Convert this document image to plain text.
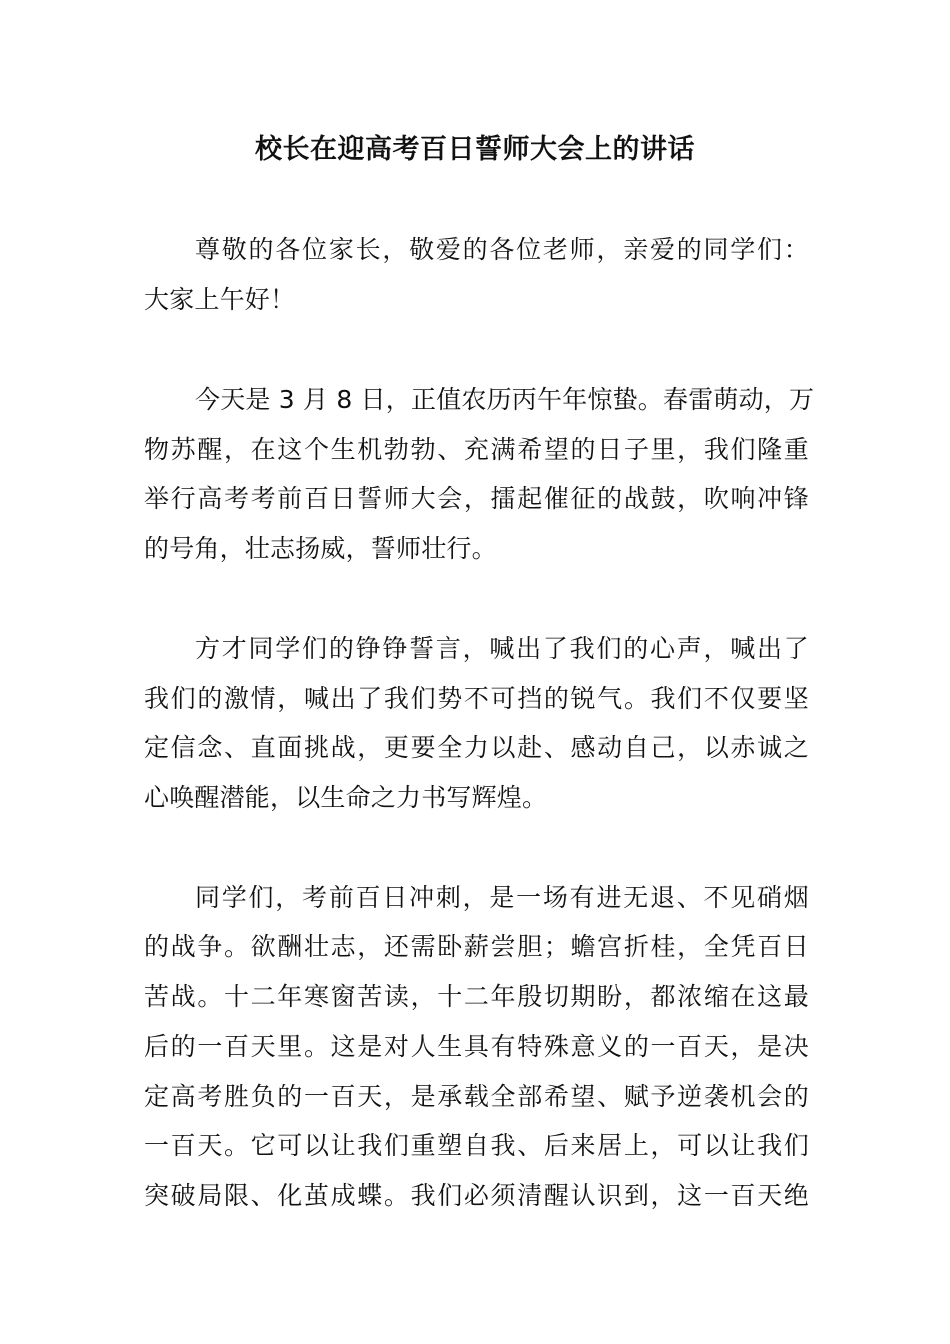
校长在迎高考百日誓师大会上的讲话
尊敬的各位家长，敬爱的各位老师，亲爱的同学们：
大家上午好！
今天是 3 月 8 日，正值农历丙午年惊蛰。春雷萌动，万
物苏醒，在这个生机勃勃、充满希望的日子里，我们隆重
举行高考考前百日誓师大会，擂起催征的战鼓，吹响冲锋
的号角，壮志扬威，誓师壮行。
方才同学们的铮铮誓言，喊出了我们的心声，喊出了
我们的激情，喊出了我们势不可挡的锐气。我们不仅要坚
定信念、直面挑战，更要全力以赴、感动自己，以赤诚之
心唤醒潜能，以生命之力书写辉煌。
同学们，考前百日冲刺，是一场有进无退、不见硝烟
的战争。欲酬壮志，还需卧薪尝胆；蟾宫折桂，全凭百日
苦战。十二年寒窗苦读，十二年殷切期盼，都浓缩在这最
后的一百天里。这是对人生具有特殊意义的一百天，是决
定高考胜负的一百天，是承载全部希望、赋予逆袭机会的
一百天。它可以让我们重塑自我、后来居上，可以让我们
突破局限、化茧成蝶。我们必须清醒认识到，这一百天绝
